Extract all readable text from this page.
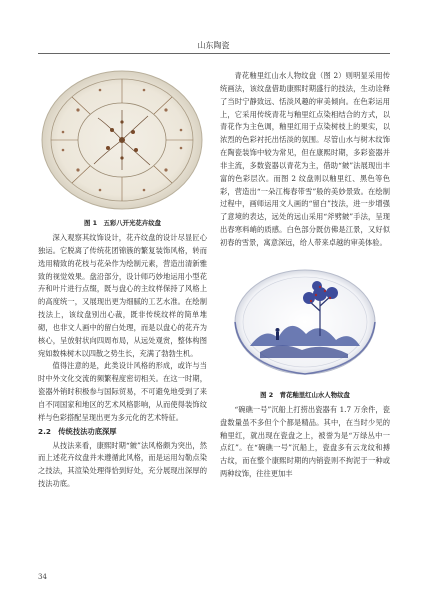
山东陶瓷

图 1　五彩八开光花卉纹盘

深入观察其纹饰设计，花卉纹盘的设计尽显匠心独运。它脱离了传统花团锦簇的繁复装饰风格，转而选用精致的花枝与花朵作为绘制元素，营造出清新雅致的视觉效果。盘沿部分，设计师巧妙地运用小型花卉和叶片进行点缀，既与盘心的主纹样保持了风格上的高度统一，又展现出更为细腻的工艺水准。在绘制技法上，该纹盘别出心裁，既非传统纹样的简单堆砌，也非文人画中的留白处理，而是以盘心的花卉为核心，呈放射状向四周布局，从远处观赏，整体构图宛如数株树木以四散之势生长，充满了勃勃生机。

值得注意的是，此类设计风格的形成，或许与当时中外文化交流的频繁程度密切相关。在这一时期，瓷器外销时积极参与国际贸易，不可避免地受到了来自不同国家和地区的艺术风格影响，从而使得装饰纹样与色彩搭配呈现出更为多元化的艺术特征。

2.2　传统技法功底深厚

从技法来看，康熙时期“皴”法风格颇为突出，然而上述花卉纹盘并未遵循此风格，而是运用勾勒点染之技法，其渲染处理得恰到好处，充分展现出深厚的技法功底。

青花釉里红山水人物纹盘（图 2）则明显采用传统画法，该纹盘借助康熙时期盛行的技法，生动诠释了当时宁静致远、恬淡风趣的审美倾向。在色彩运用上，它采用传统青花与釉里红点染相结合的方式，以青花作为主色调，釉里红用于点染树枝上的果实，以浓烈的色彩衬托出恬淡的氛围。尽管山水与树木纹饰在陶瓷装饰中较为常见，但在康熙时期，多彩瓷器并非主流，多数瓷器以青花为主，借助“皴”法展现出丰富的色彩层次。而图 2 纹盘则以釉里红、黑色等色彩，营造出“一朵江梅春带雪”般的美妙景致。在绘制过程中，画师运用文人画的“留白”技法，进一步增强了意境的表达，远处的远山采用“斧劈皴”手法，呈现出春寒料峭的质感。白色部分既仿佛是江景，又好似初春的雪景，寓意深远，给人带来卓越的审美体验。

图 2　青花釉里红山水人物纹盘

“碗礁一号”沉船上打捞出瓷器有 1.7 万余件，瓷盘数量虽不多但个个都是精品。其中，在当时少见的釉里红，就出现在瓷盘之上，被誉为是“万绿丛中一点红”。在“碗礁一号”沉船上，瓷盘多有云龙纹和搏古纹，而在整个康熙时期的内销瓷则不拘泥于一种或两种纹饰，往往更加丰

34
